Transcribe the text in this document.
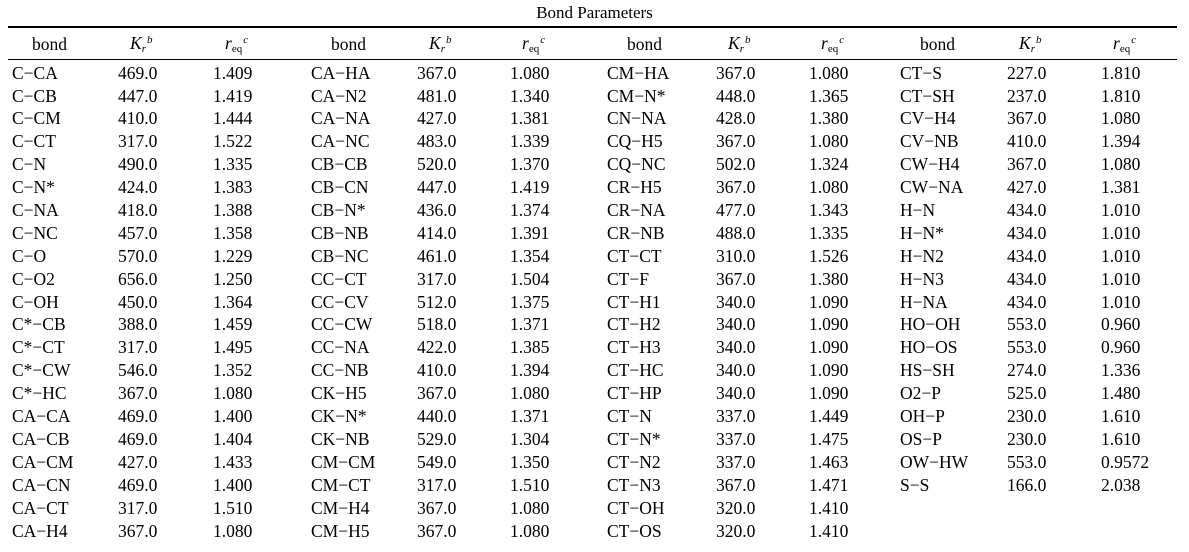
Bond Parameters
bond	$K_r^b$	$r_{eq}^c$	bond	$K_r^b$	$r_{eq}^c$	bond	$K_r^b$	$r_{eq}^c$	bond	$K_r^b$	$r_{eq}^c$
C−CA	469.0	1.409	CA−HA	367.0	1.080	CM−HA	367.0	1.080	CT−S	227.0	1.810
C−CB	447.0	1.419	CA−N2	481.0	1.340	CM−N*	448.0	1.365	CT−SH	237.0	1.810
C−CM	410.0	1.444	CA−NA	427.0	1.381	CN−NA	428.0	1.380	CV−H4	367.0	1.080
C−CT	317.0	1.522	CA−NC	483.0	1.339	CQ−H5	367.0	1.080	CV−NB	410.0	1.394
C−N	490.0	1.335	CB−CB	520.0	1.370	CQ−NC	502.0	1.324	CW−H4	367.0	1.080
C−N*	424.0	1.383	CB−CN	447.0	1.419	CR−H5	367.0	1.080	CW−NA	427.0	1.381
C−NA	418.0	1.388	CB−N*	436.0	1.374	CR−NA	477.0	1.343	H−N	434.0	1.010
C−NC	457.0	1.358	CB−NB	414.0	1.391	CR−NB	488.0	1.335	H−N*	434.0	1.010
C−O	570.0	1.229	CB−NC	461.0	1.354	CT−CT	310.0	1.526	H−N2	434.0	1.010
C−O2	656.0	1.250	CC−CT	317.0	1.504	CT−F	367.0	1.380	H−N3	434.0	1.010
C−OH	450.0	1.364	CC−CV	512.0	1.375	CT−H1	340.0	1.090	H−NA	434.0	1.010
C*−CB	388.0	1.459	CC−CW	518.0	1.371	CT−H2	340.0	1.090	HO−OH	553.0	0.960
C*−CT	317.0	1.495	CC−NA	422.0	1.385	CT−H3	340.0	1.090	HO−OS	553.0	0.960
C*−CW	546.0	1.352	CC−NB	410.0	1.394	CT−HC	340.0	1.090	HS−SH	274.0	1.336
C*−HC	367.0	1.080	CK−H5	367.0	1.080	CT−HP	340.0	1.090	O2−P	525.0	1.480
CA−CA	469.0	1.400	CK−N*	440.0	1.371	CT−N	337.0	1.449	OH−P	230.0	1.610
CA−CB	469.0	1.404	CK−NB	529.0	1.304	CT−N*	337.0	1.475	OS−P	230.0	1.610
CA−CM	427.0	1.433	CM−CM	549.0	1.350	CT−N2	337.0	1.463	OW−HW	553.0	0.9572
CA−CN	469.0	1.400	CM−CT	317.0	1.510	CT−N3	367.0	1.471	S−S	166.0	2.038
CA−CT	317.0	1.510	CM−H4	367.0	1.080	CT−OH	320.0	1.410			
CA−H4	367.0	1.080	CM−H5	367.0	1.080	CT−OS	320.0	1.410			
